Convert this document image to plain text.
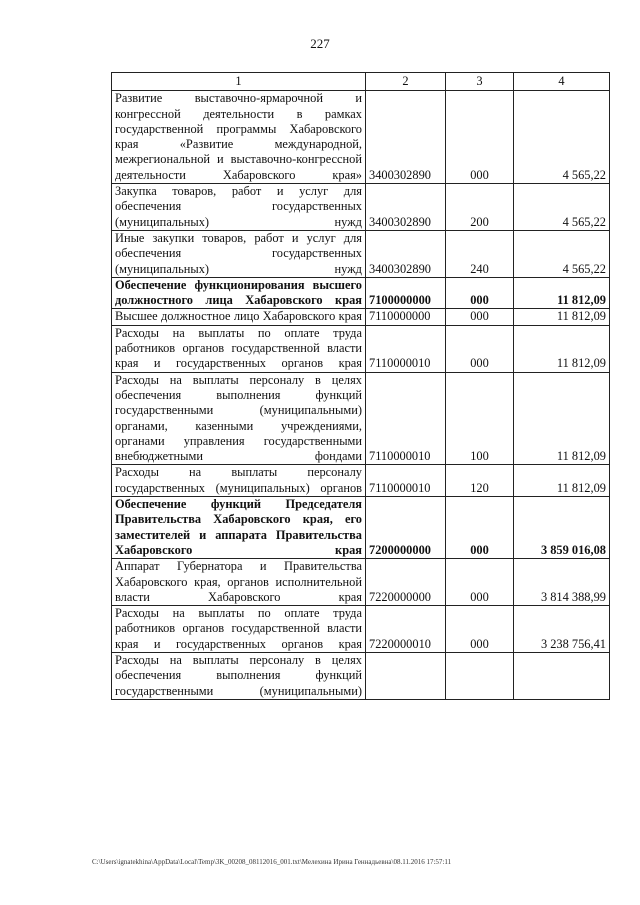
227
1	2	3	4
Развитие выставочно-ярмарочной и конгрессной деятельности в рамках государственной программы Хабаровского края «Развитие международной, межрегиональной и выставочно-конгрессной деятельности Хабаровского края»	3400302890	000	4 565,22
Закупка товаров, работ и услуг для обеспечения государственных (муниципальных) нужд	3400302890	200	4 565,22
Иные закупки товаров, работ и услуг для обеспечения государственных (муниципальных) нужд	3400302890	240	4 565,22
Обеспечение функционирования высшего должностного лица Хабаровского края	7100000000	000	11 812,09
Высшее должностное лицо Хабаровского края	7110000000	000	11 812,09
Расходы на выплаты по оплате труда работников органов государственной власти края и государственных органов края	7110000010	000	11 812,09
Расходы на выплаты персоналу в целях обеспечения выполнения функций государственными (муниципальными) органами, казенными учреждениями, органами управления государственными внебюджетными фондами	7110000010	100	11 812,09
Расходы на выплаты персоналу государственных (муниципальных) органов	7110000010	120	11 812,09
Обеспечение функций Председателя Правительства Хабаровского края, его заместителей и аппарата Правительства Хабаровского края	7200000000	000	3 859 016,08
Аппарат Губернатора и Правительства Хабаровского края, органов исполнительной власти Хабаровского края	7220000000	000	3 814 388,99
Расходы на выплаты по оплате труда работников органов государственной власти края и государственных органов края	7220000010	000	3 238 756,41
Расходы на выплаты персоналу в целях обеспечения выполнения функций государственными (муниципальными)			
C:\Users\ignatekhina\AppData\Local\Temp\3K_00208_08112016_001.txt\Мелехина Ирина Геннадьевна\08.11.2016 17:57:11
